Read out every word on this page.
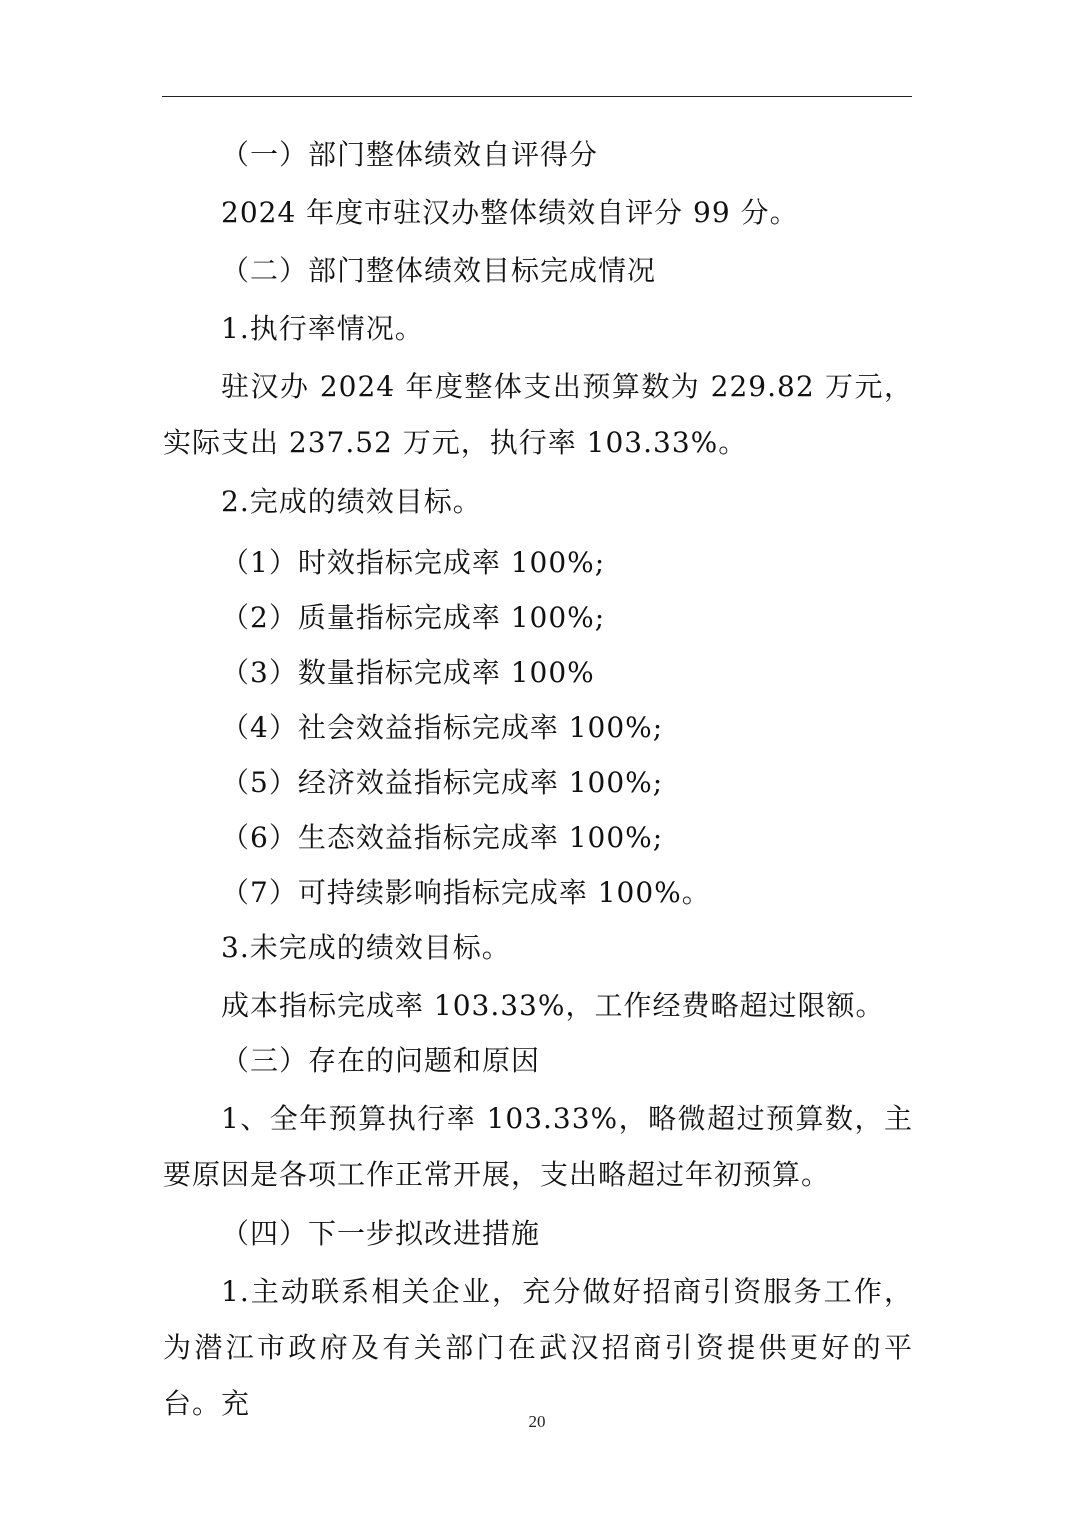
（一）部门整体绩效自评得分

2024 年度市驻汉办整体绩效自评分 99 分。

（二）部门整体绩效目标完成情况

1.执行率情况。

驻汉办 2024 年度整体支出预算数为 229.82 万元，实际支出 237.52 万元，执行率 103.33%。

2.完成的绩效目标。

（1）时效指标完成率 100%;

（2）质量指标完成率 100%;

（3）数量指标完成率 100%

（4）社会效益指标完成率 100%;

（5）经济效益指标完成率 100%;

（6）生态效益指标完成率 100%;

（7）可持续影响指标完成率 100%。

3.未完成的绩效目标。

成本指标完成率 103.33%，工作经费略超过限额。

（三）存在的问题和原因

1、全年预算执行率 103.33%，略微超过预算数，主要原因是各项工作正常开展，支出略超过年初预算。

（四）下一步拟改进措施

1.主动联系相关企业，充分做好招商引资服务工作，为潜江市政府及有关部门在武汉招商引资提供更好的平台。充

20
